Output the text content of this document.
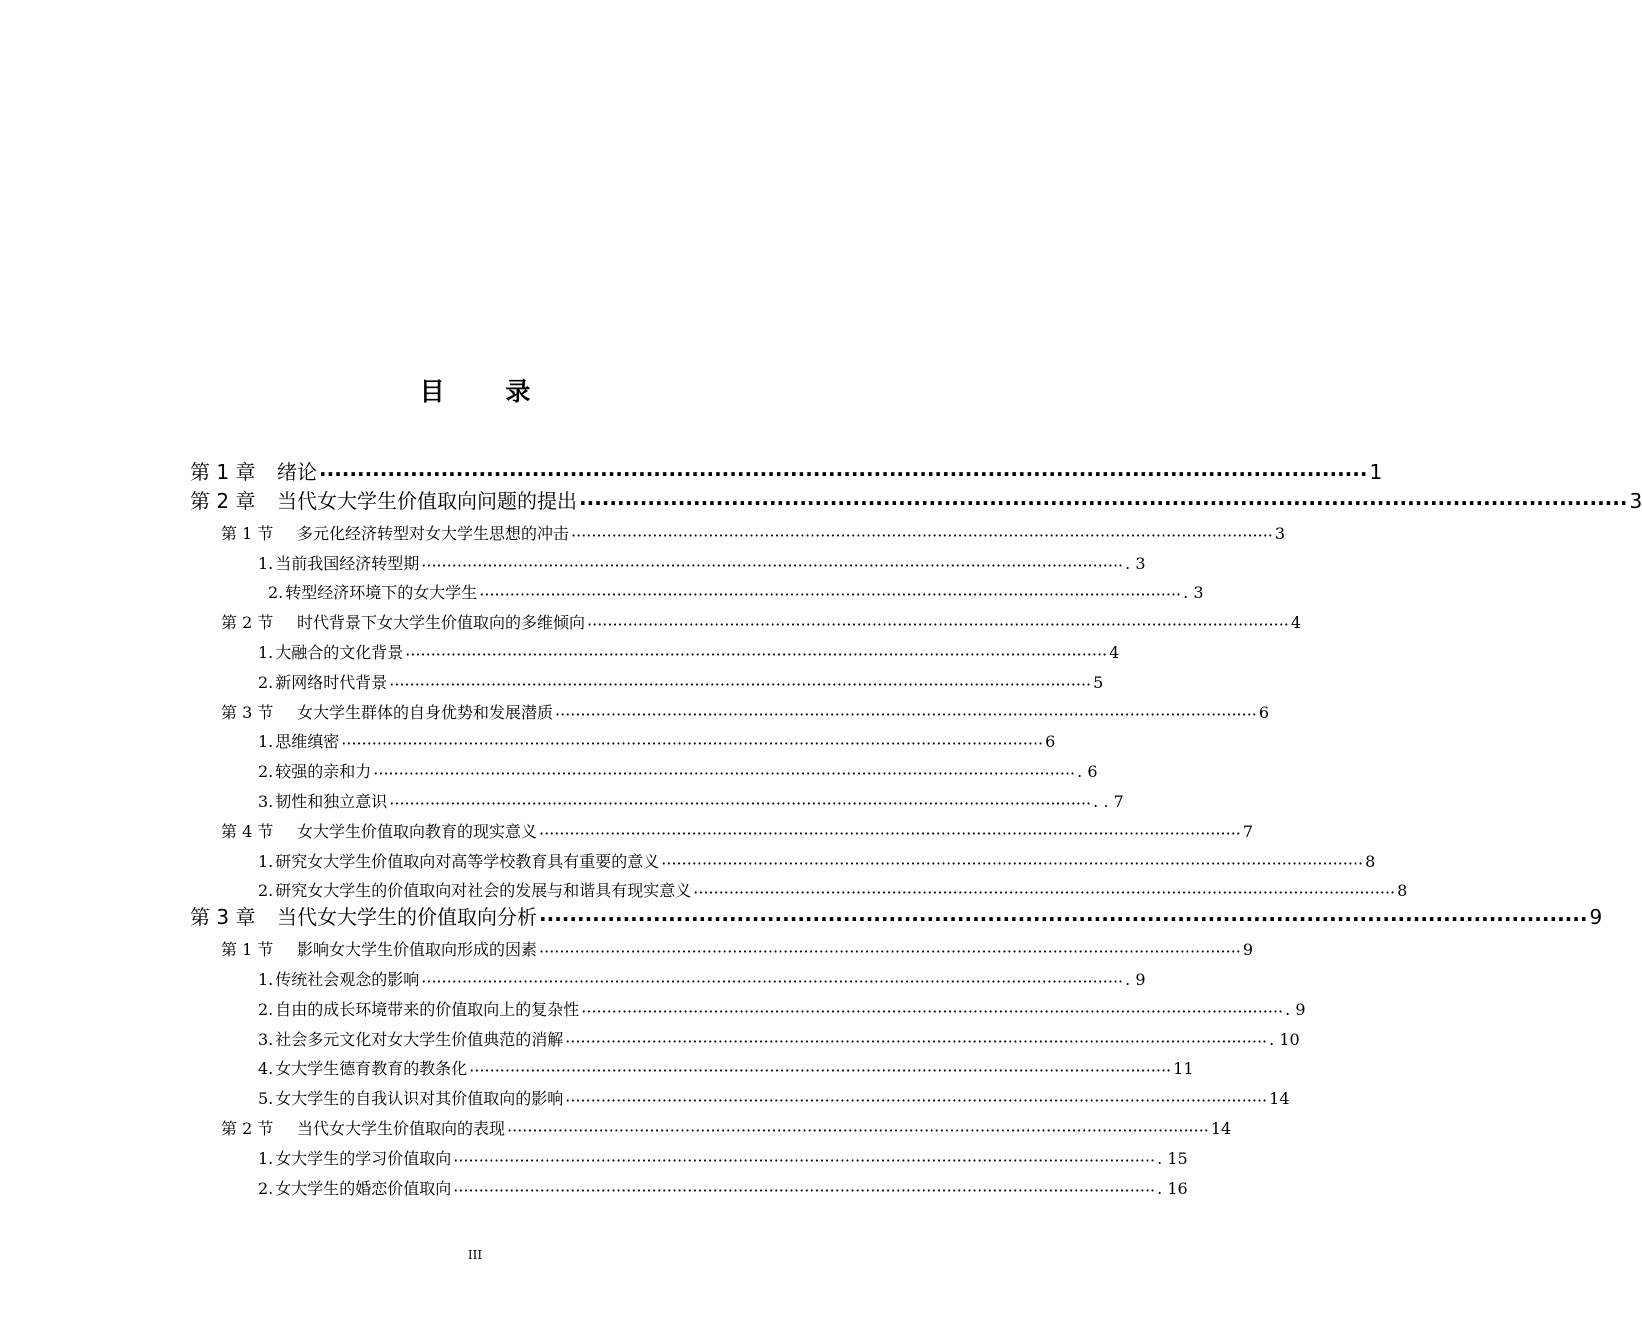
目 录
第 1 章	绪论 ·········································································································································· 1
第 2 章	当代女大学生价值取向问题的提出 ·········································································································································· 3
第 1 节	多元化经济转型对女大学生思想的冲击 ·········································································································································· 3
1. 当前我国经济转型期 ·········································································································································· . 3
2. 转型经济环境下的女大学生 ·········································································································································· . 3
第 2 节	时代背景下女大学生价值取向的多维倾向 ·········································································································································· 4
1. 大融合的文化背景 ·········································································································································· 4
2. 新网络时代背景 ·········································································································································· 5
第 3 节	女大学生群体的自身优势和发展潜质 ·········································································································································· 6
1. 思维缜密 ·········································································································································· 6
2. 较强的亲和力 ·········································································································································· . 6
3. 韧性和独立意识 ·········································································································································· . . 7
第 4 节	女大学生价值取向教育的现实意义 ·········································································································································· 7
1. 研究女大学生价值取向对高等学校教育具有重要的意义 ·········································································································································· 8
2. 研究女大学生的价值取向对社会的发展与和谐具有现实意义 ·········································································································································· 8
第 3 章	当代女大学生的价值取向分析 ·········································································································································· 9
第 1 节	影响女大学生价值取向形成的因素 ·········································································································································· 9
1. 传统社会观念的影响 ·········································································································································· . 9
2. 自由的成长环境带来的价值取向上的复杂性 ·········································································································································· . 9
3. 社会多元文化对女大学生价值典范的消解 ·········································································································································· . 10
4. 女大学生德育教育的教条化 ·········································································································································· 11
5. 女大学生的自我认识对其价值取向的影响 ·········································································································································· 14
第 2 节	当代女大学生价值取向的表现 ·········································································································································· 14
1. 女大学生的学习价值取向 ·········································································································································· . 15
2. 女大学生的婚恋价值取向 ·········································································································································· . 16
III
